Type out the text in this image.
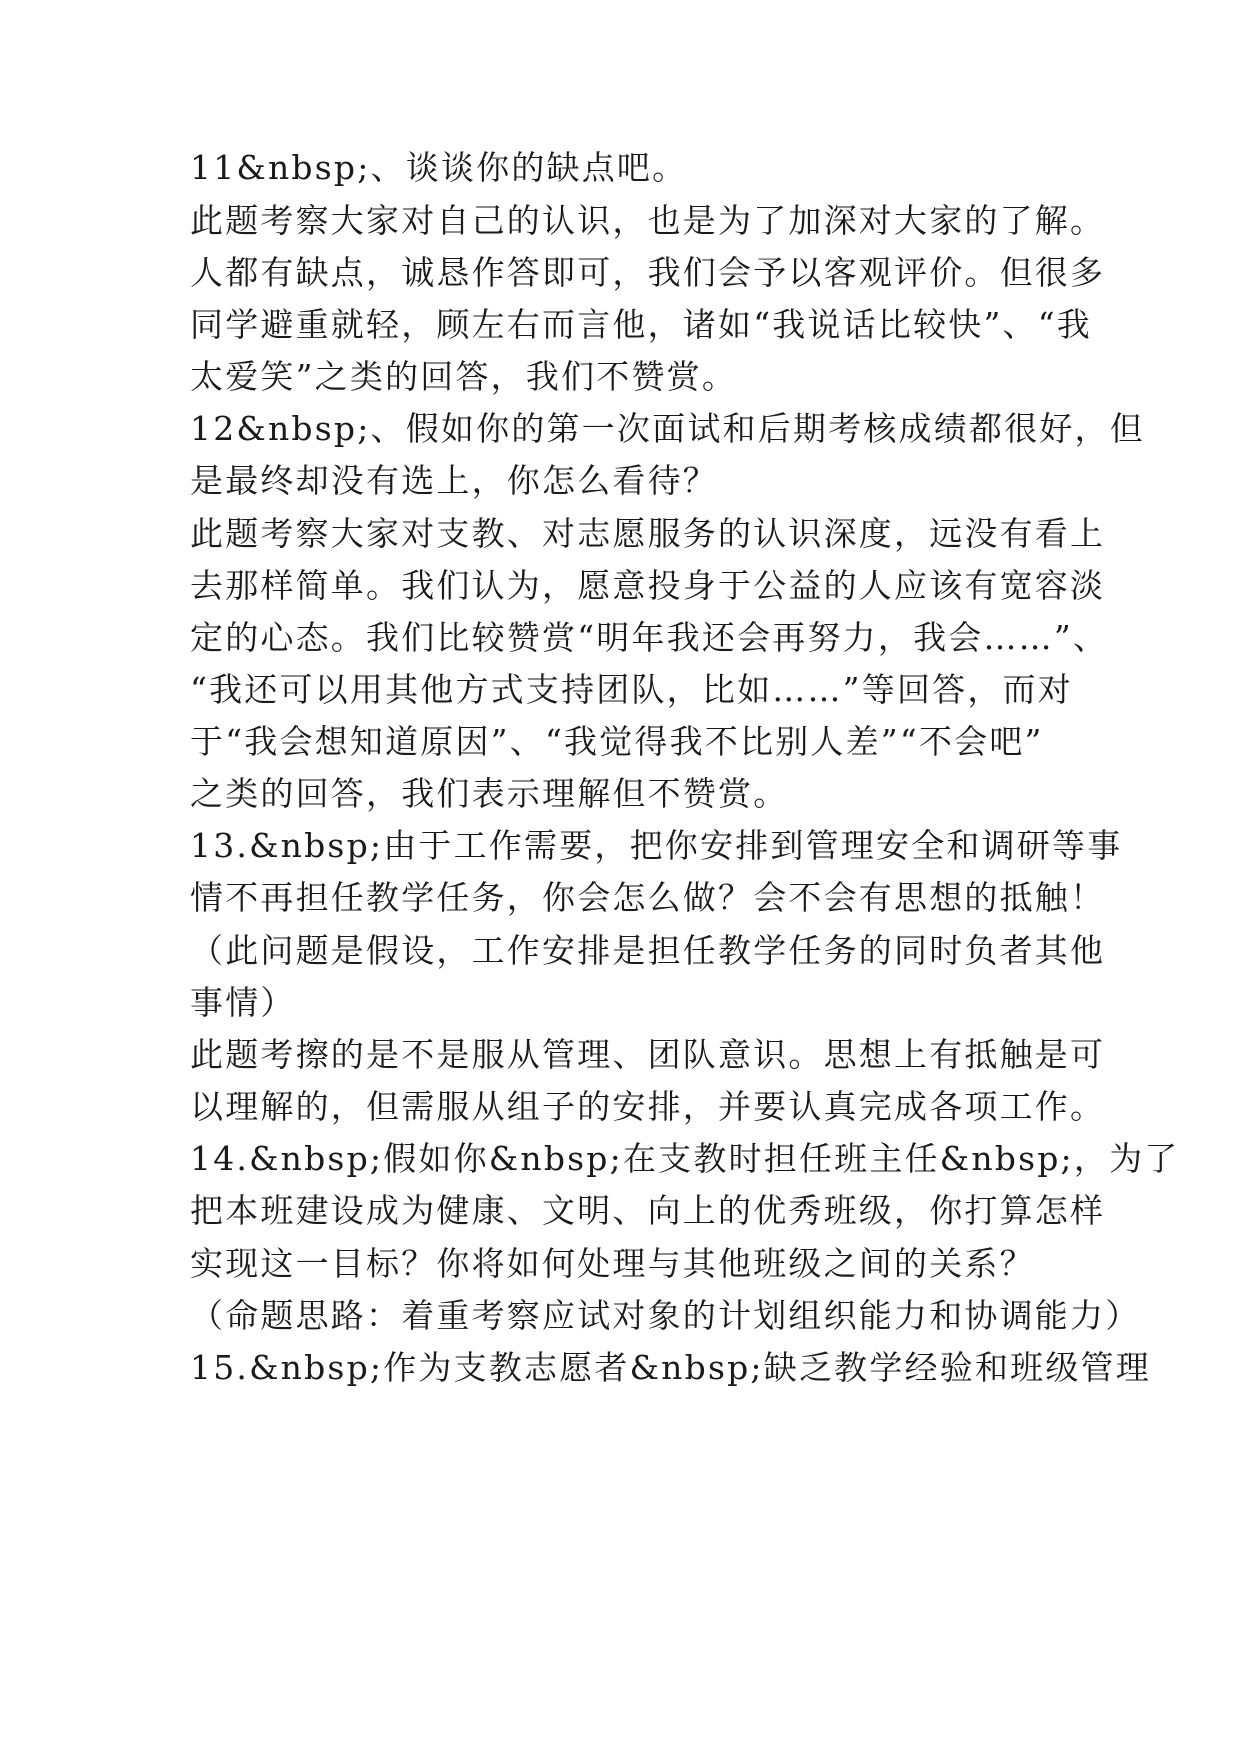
11&nbsp;、谈谈你的缺点吧。
此题考察大家对自己的认识，也是为了加深对大家的了解。
人都有缺点，诚恳作答即可，我们会予以客观评价。但很多
同学避重就轻，顾左右而言他，诸如“我说话比较快”、“我
太爱笑”之类的回答，我们不赞赏。
12&nbsp;、假如你的第一次面试和后期考核成绩都很好，但
是最终却没有选上，你怎么看待？
此题考察大家对支教、对志愿服务的认识深度，远没有看上
去那样简单。我们认为，愿意投身于公益的人应该有宽容淡
定的心态。我们比较赞赏“明年我还会再努力，我会……”、
“我还可以用其他方式支持团队，比如……”等回答，而对
于“我会想知道原因”、“我觉得我不比别人差”“不会吧”
之类的回答，我们表示理解但不赞赏。
13.&nbsp;由于工作需要，把你安排到管理安全和调研等事
情不再担任教学任务，你会怎么做？会不会有思想的抵触！
（此问题是假设，工作安排是担任教学任务的同时负者其他
事情）
此题考擦的是不是服从管理、团队意识。思想上有抵触是可
以理解的，但需服从组子的安排，并要认真完成各项工作。
14.&nbsp;假如你&nbsp;在支教时担任班主任&nbsp;，为了
把本班建设成为健康、文明、向上的优秀班级，你打算怎样
实现这一目标？你将如何处理与其他班级之间的关系？
（命题思路：着重考察应试对象的计划组织能力和协调能力）
15.&nbsp;作为支教志愿者&nbsp;缺乏教学经验和班级管理
